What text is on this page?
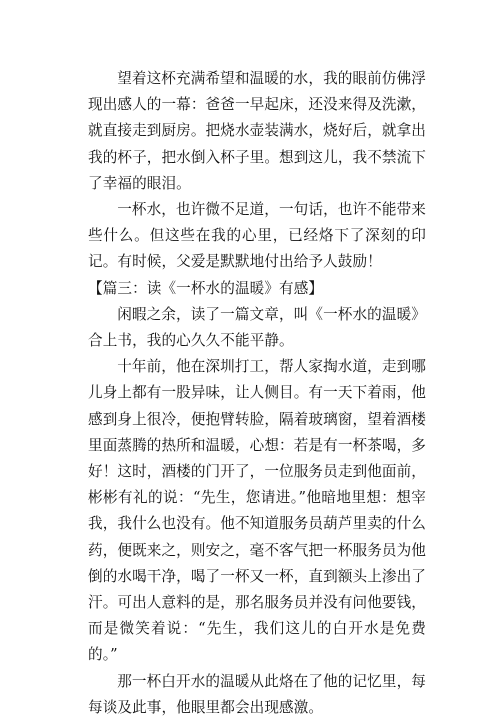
望着这杯充满希望和温暖的水，我的眼前仿佛浮现出感人的一幕：爸爸一早起床，还没来得及洗漱，就直接走到厨房。把烧水壶装满水，烧好后，就拿出我的杯子，把水倒入杯子里。想到这儿，我不禁流下了幸福的眼泪。

一杯水，也许微不足道，一句话，也许不能带来些什么。但这些在我的心里，已经烙下了深刻的印记。有时候，父爱是默默地付出给予人鼓励！

【篇三：读《一杯水的温暖》有感】

闲暇之余，读了一篇文章，叫《一杯水的温暖》合上书，我的心久久不能平静。

十年前，他在深圳打工，帮人家掏水道，走到哪儿身上都有一股异味，让人侧目。有一天下着雨，他感到身上很冷，便抱臂转脸，隔着玻璃窗，望着酒楼里面蒸腾的热所和温暖，心想：若是有一杯茶喝，多好！这时，酒楼的门开了，一位服务员走到他面前，彬彬有礼的说：“先生，您请进。”他暗地里想：想宰我，我什么也没有。他不知道服务员葫芦里卖的什么药，便既来之，则安之，毫不客气把一杯服务员为他倒的水喝干净，喝了一杯又一杯，直到额头上渗出了汗。可出人意料的是，那名服务员并没有问他要钱，而是微笑着说：“先生，我们这儿的白开水是免费的。”

那一杯白开水的温暖从此烙在了他的记忆里，每每谈及此事，他眼里都会出现感激。
